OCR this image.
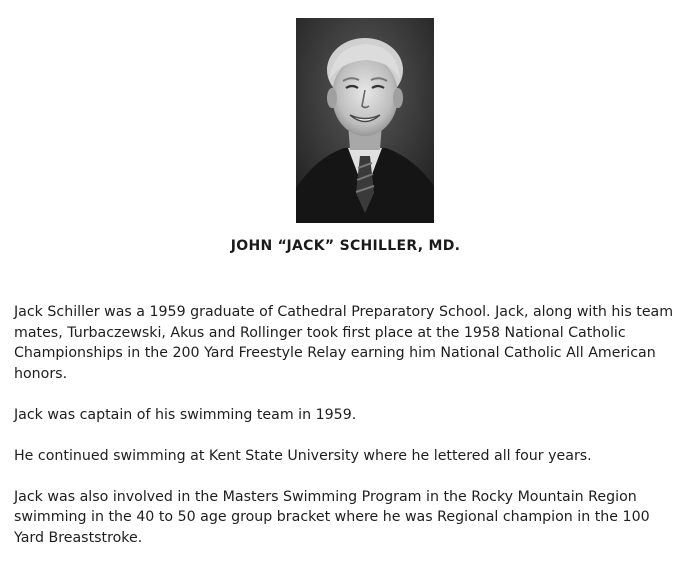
JOHN “JACK” SCHILLER, MD.

Jack Schiller was a 1959 graduate of Cathedral Preparatory School. Jack, along with his team mates, Turbaczewski, Akus and Rollinger took first place at the 1958 National Catholic Championships in the 200 Yard Freestyle Relay earning him National Catholic All American honors.

Jack was captain of his swimming team in 1959.

He continued swimming at Kent State University where he lettered all four years.

Jack was also involved in the Masters Swimming Program in the Rocky Mountain Region swimming in the 40 to 50 age group bracket where he was Regional champion in the 100 Yard Breaststroke.
